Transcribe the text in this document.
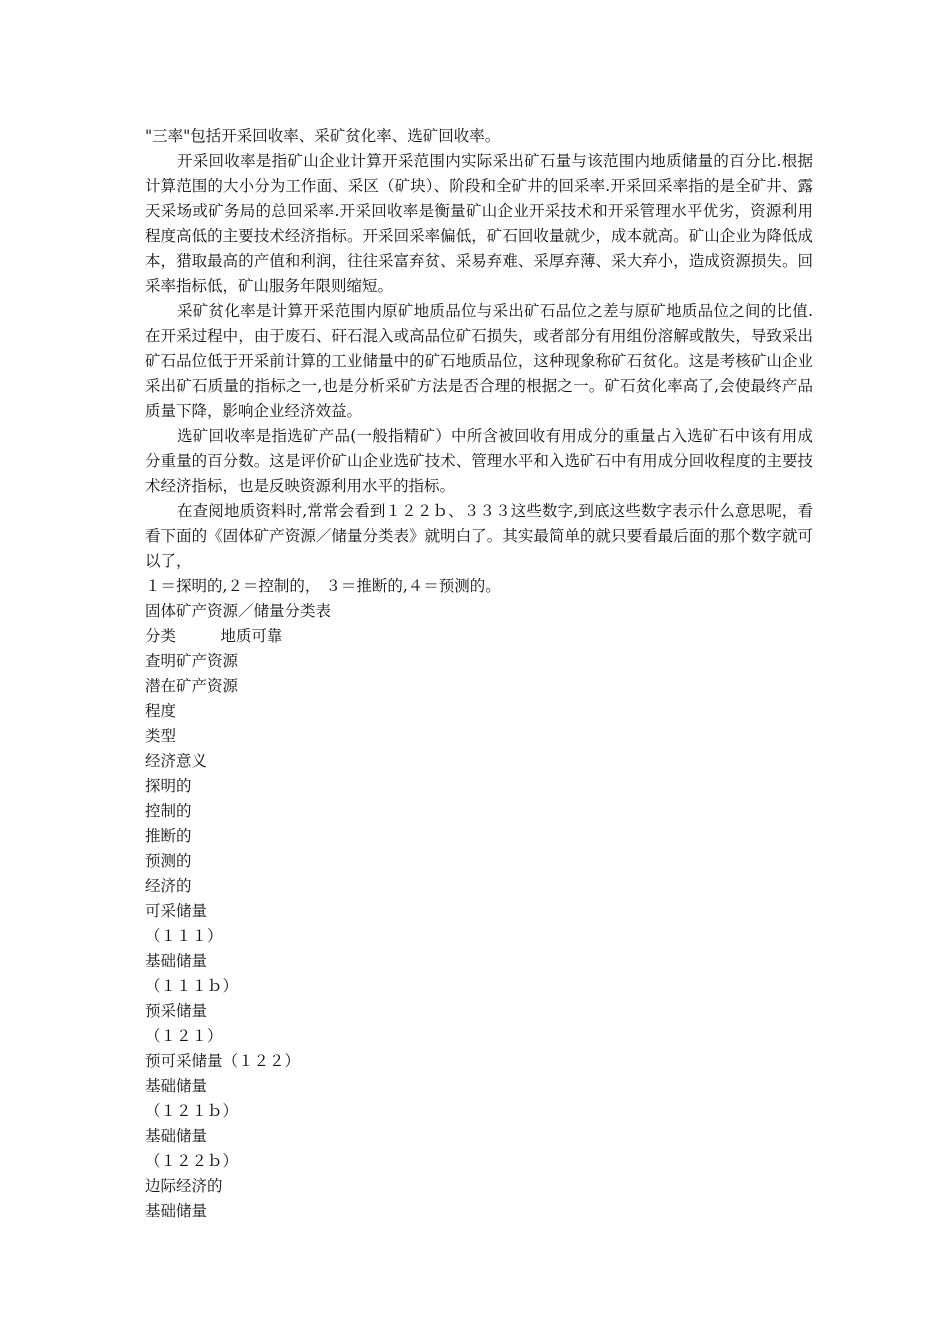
"三率"包括开采回收率、采矿贫化率、选矿回收率。

开采回收率是指矿山企业计算开采范围内实际采出矿石量与该范围内地质储量的百分比.根据计算范围的大小分为工作面、采区（矿块）、阶段和全矿井的回采率.开采回采率指的是全矿井、露天采场或矿务局的总回采率.开采回收率是衡量矿山企业开采技术和开采管理水平优劣，资源利用程度高低的主要技术经济指标。开采回采率偏低，矿石回收量就少，成本就高。矿山企业为降低成本，猎取最高的产值和利润，往往采富弃贫、采易弃难、采厚弃薄、采大弃小，造成资源损失。回采率指标低，矿山服务年限则缩短。

采矿贫化率是计算开采范围内原矿地质品位与采出矿石品位之差与原矿地质品位之间的比值.在开采过程中，由于废石、矸石混入或高品位矿石损失，或者部分有用组份溶解或散失，导致采出矿石品位低于开采前计算的工业储量中的矿石地质品位，这种现象称矿石贫化。这是考核矿山企业采出矿石质量的指标之一,也是分析采矿方法是否合理的根据之一。矿石贫化率高了,会使最终产品质量下降，影响企业经济效益。

选矿回收率是指选矿产品(一般指精矿）中所含被回收有用成分的重量占入选矿石中该有用成分重量的百分数。这是评价矿山企业选矿技术、管理水平和入选矿石中有用成分回收程度的主要技术经济指标，也是反映资源利用水平的指标。

在查阅地质资料时,常常会看到１２２ｂ、３３３这些数字,到底这些数字表示什么意思呢，看看下面的《固体矿产资源／储量分类表》就明白了。其实最简单的就只要看最后面的那个数字就可以了，

１＝探明的,２＝控制的， ３＝推断的,４＝预测的。

固体矿产资源／储量分类表

分类         地质可靠

查明矿产资源

潜在矿产资源

程度

类型

经济意义

探明的

控制的

推断的

预测的

经济的

可采储量

（１１１）

基础储量

（１１１ｂ）

预采储量

（１２１）

预可采储量（１２２）

基础储量

（１２１ｂ）

基础储量

（１２２ｂ）

边际经济的

基础储量
